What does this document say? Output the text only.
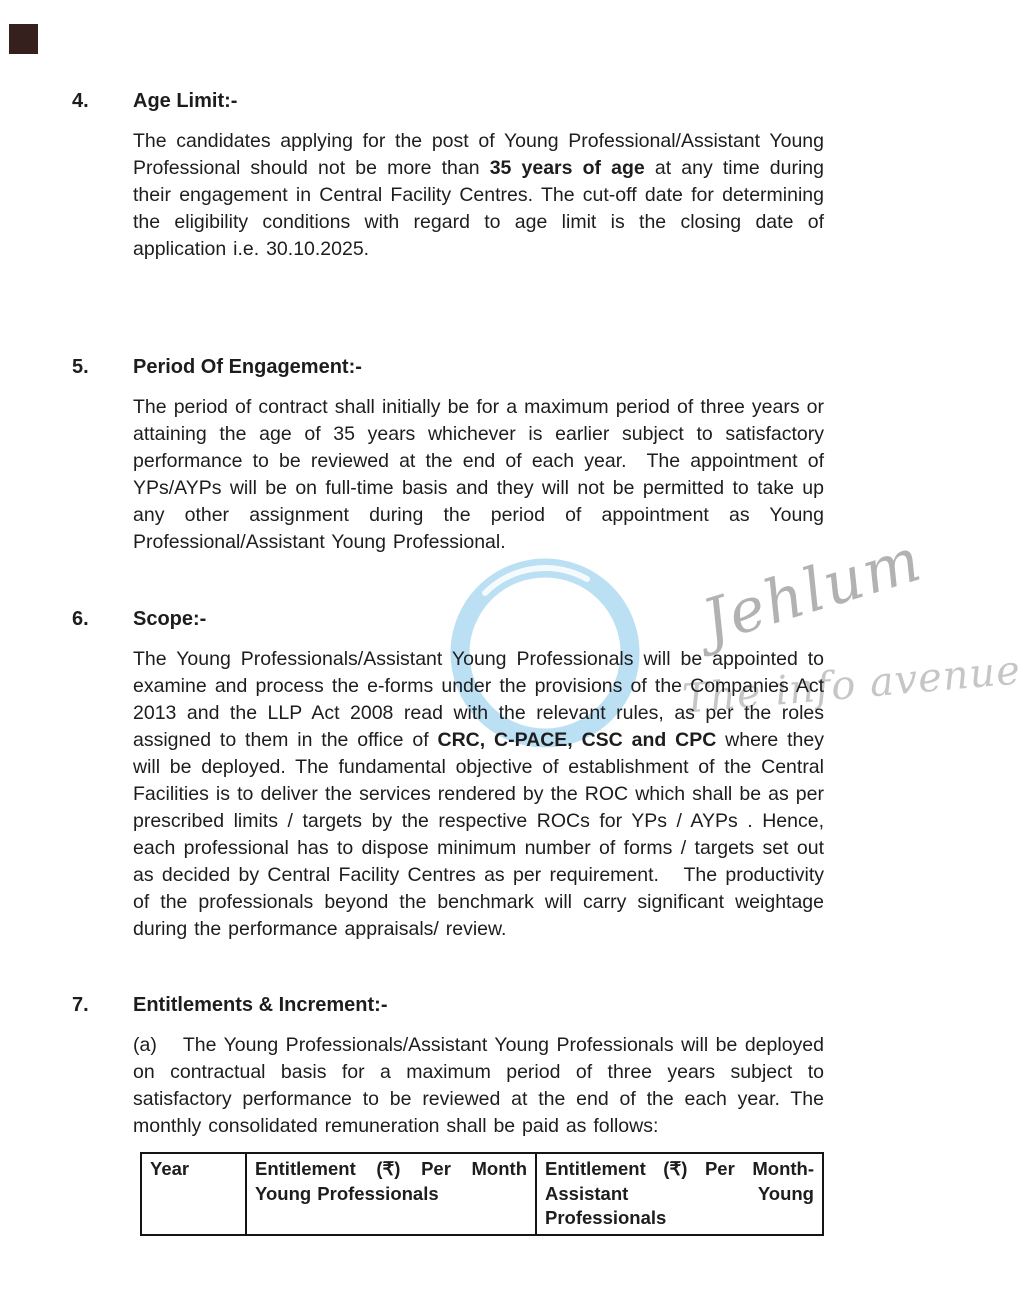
Jehlum
The info avenue
4. Age Limit:-

The candidates applying for the post of Young Professional/Assistant Young Professional should not be more than 35 years of age at any time during their engagement in Central Facility Centres. The cut-off date for determining the eligibility conditions with regard to age limit is the closing date of application i.e. 30.10.2025.

5. Period Of Engagement:-

The period of contract shall initially be for a maximum period of three years or attaining the age of 35 years whichever is earlier subject to satisfactory performance to be reviewed at the end of each year.  The appointment of YPs/AYPs will be on full-time basis and they will not be permitted to take up any other assignment during the period of appointment as Young Professional/Assistant Young Professional.

6. Scope:-

The Young Professionals/Assistant Young Professionals will be appointed to examine and process the e-forms under the provisions of the Companies Act 2013 and the LLP Act 2008 read with the relevant rules, as per the roles assigned to them in the office of CRC, C-PACE, CSC and CPC where they will be deployed. The fundamental objective of establishment of the Central Facilities is to deliver the services rendered by the ROC which shall be as per prescribed limits / targets by the respective ROCs for YPs / AYPs . Hence, each professional has to dispose minimum number of forms / targets set out as decided by Central Facility Centres as per requirement.   The productivity of the professionals beyond the benchmark will carry significant weightage during the performance appraisals/ review.

7. Entitlements & Increment:-

(a) The Young Professionals/Assistant Young Professionals will be deployed on contractual basis for a maximum period of three years subject to satisfactory performance to be reviewed at the end of the each year. The monthly consolidated remuneration shall be paid as follows:

Year	Entitlement (₹) Per Month Young Professionals	Entitlement (₹) Per Month- Assistant Young Professionals
